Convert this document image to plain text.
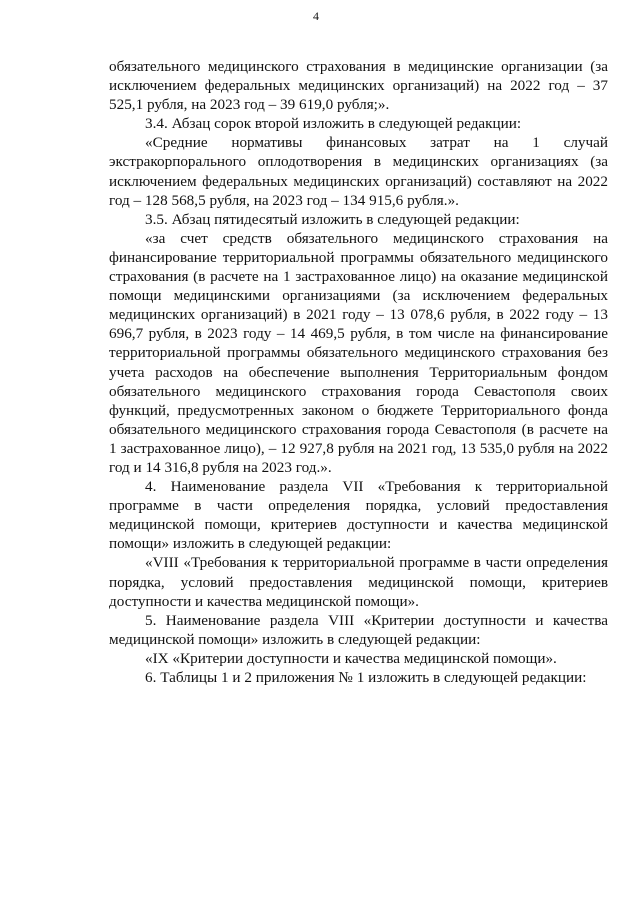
4

обязательного медицинского страхования в медицинские организации (за исключением федеральных медицинских организаций) на 2022 год – 37 525,1 рубля, на 2023 год – 39 619,0 рубля;».

3.4. Абзац сорок второй изложить в следующей редакции:

«Средние нормативы финансовых затрат на 1 случай экстракорпорального оплодотворения в медицинских организациях (за исключением федеральных медицинских организаций) составляют на 2022 год – 128 568,5 рубля, на 2023 год – 134 915,6 рубля.».

3.5. Абзац пятидесятый изложить в следующей редакции:

«за счет средств обязательного медицинского страхования на финансирование территориальной программы обязательного медицинского страхования (в расчете на 1 застрахованное лицо) на оказание медицинской помощи медицинскими организациями (за исключением федеральных медицинских организаций) в 2021 году – 13 078,6 рубля, в 2022 году – 13 696,7 рубля, в 2023 году – 14 469,5 рубля, в том числе на финансирование территориальной программы обязательного медицинского страхования без учета расходов на обеспечение выполнения Территориальным фондом обязательного медицинского страхования города Севастополя своих функций, предусмотренных законом о бюджете Территориального фонда обязательного медицинского страхования города Севастополя (в расчете на 1 застрахованное лицо), – 12 927,8 рубля на 2021 год, 13 535,0 рубля на 2022 год и 14 316,8 рубля на 2023 год.».

4. Наименование раздела VII «Требования к территориальной программе в части определения порядка, условий предоставления медицинской помощи, критериев доступности и качества медицинской помощи» изложить в следующей редакции:

«VIII «Требования к территориальной программе в части определения порядка, условий предоставления медицинской помощи, критериев доступности и качества медицинской помощи».

5. Наименование раздела VIII «Критерии доступности и качества медицинской помощи» изложить в следующей редакции:

«IX «Критерии доступности и качества медицинской помощи».

6. Таблицы 1 и 2 приложения № 1 изложить в следующей редакции:
